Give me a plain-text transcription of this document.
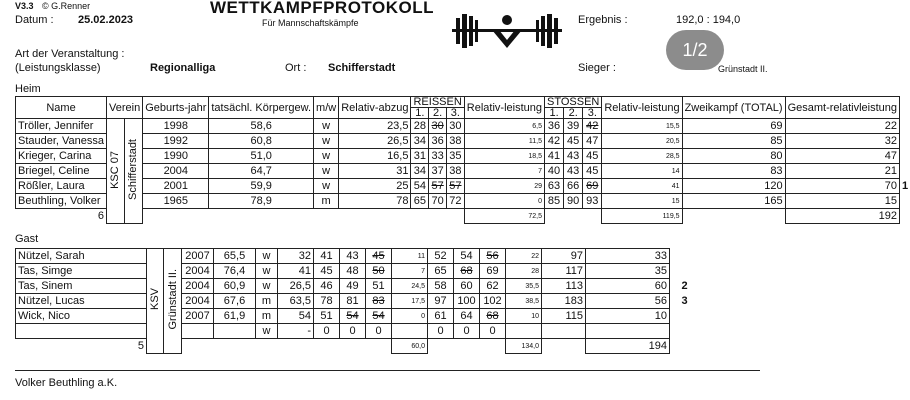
V3.3 © G.Renner
Datum : 25.02.2023
WETTKAMPFPROTOKOLL
Für Mannschaftskämpfe	Ergebnis :	192,0 : 194,0
Art der Veranstaltung :
(Leistungsklasse)	Regionalliga	Ort : Schifferstadt	Sieger :	Grünstadt II.
1/2
Heim
Name	Verein		Geburts-jahr	tatsächl. Körpergew.	m/w	Relativ-abzug	REISSEN			Relativ-leistung	STOSSEN			Relativ-leistung	Zweikampf (TOTAL)	Gesamt-relativleistung	
							1.	2.	3.		1.	2.	3.				
Tröller, Jennifer	KSC 07	Schifferstadt	1998	58,6	w	23,5	28	30	30	6,5	36	39	42	15,5	69	22	
Stauder, Vanessa			1992	60,8	w	26,5	34	36	38	11,5	42	45	47	20,5	85	32	
Krieger, Carina			1990	51,0	w	16,5	31	33	35	18,5	41	43	45	28,5	80	47	
Briegel, Celine			2004	64,7	w	31	34	37	38	7	40	43	45	14	83	21	
Rößler, Laura			2001	59,9	w	25	54	57	57	29	63	66	69	41	120	70	1
Beuthling, Volker			1965	78,9	m	78	65	70	72	0	85	90	93	15	165	15	
6										72,5				119,5		192	
Gast
Nützel, Sarah	KSV	Grünstadt II.	2007	65,5	w	32	41	43	45	11	52	54	56	22	97	33	
Tas, Simge			2004	76,4	w	41	45	48	50	7	65	68	69	28	117	35	
Tas, Sinem			2004	60,9	w	26,5	46	49	51	24,5	58	60	62	35,5	113	60	2
Nützel, Lucas			2004	67,6	m	63,5	78	81	83	17,5	97	100	102	38,5	183	56	3
Wick, Nico			2007	61,9	m	54	51	54	54	0	61	64	68	10	115	10	
					w	-	0	0	0		0	0	0				
5										60,0				134,0		194	
Volker Beuthling a.K.
